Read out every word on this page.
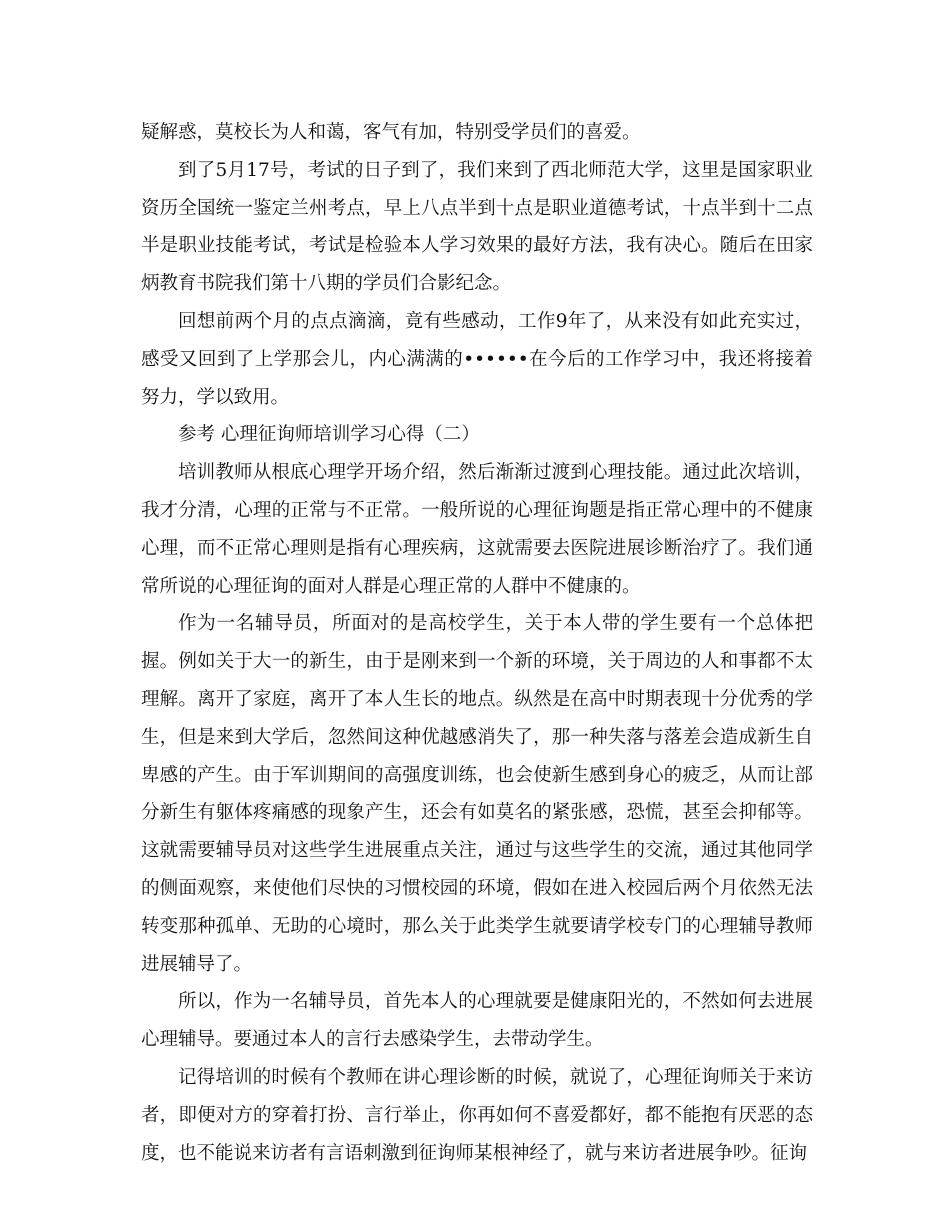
疑解惑，莫校长为人和蔼，客气有加，特别受学员们的喜爱。

到了5月17号，考试的日子到了，我们来到了西北师范大学，这里是国家职业资历全国统一鉴定兰州考点，早上八点半到十点是职业道德考试，十点半到十二点半是职业技能考试，考试是检验本人学习效果的最好方法，我有决心。随后在田家炳教育书院我们第十八期的学员们合影纪念。

回想前两个月的点点滴滴，竟有些感动，工作9年了，从来没有如此充实过，感受又回到了上学那会儿，内心满满的••••••在今后的工作学习中，我还将接着努力，学以致用。

参考 心理征询师培训学习心得（二）

培训教师从根底心理学开场介绍，然后渐渐过渡到心理技能。通过此次培训，我才分清，心理的正常与不正常。一般所说的心理征询题是指正常心理中的不健康心理，而不正常心理则是指有心理疾病，这就需要去医院进展诊断治疗了。我们通常所说的心理征询的面对人群是心理正常的人群中不健康的。

作为一名辅导员，所面对的是高校学生，关于本人带的学生要有一个总体把握。例如关于大一的新生，由于是刚来到一个新的环境，关于周边的人和事都不太理解。离开了家庭，离开了本人生长的地点。纵然是在高中时期表现十分优秀的学生，但是来到大学后，忽然间这种优越感消失了，那一种失落与落差会造成新生自卑感的产生。由于军训期间的高强度训练，也会使新生感到身心的疲乏，从而让部分新生有躯体疼痛感的现象产生，还会有如莫名的紧张感，恐慌，甚至会抑郁等。这就需要辅导员对这些学生进展重点关注，通过与这些学生的交流，通过其他同学的侧面观察，来使他们尽快的习惯校园的环境，假如在进入校园后两个月依然无法转变那种孤单、无助的心境时，那么关于此类学生就要请学校专门的心理辅导教师进展辅导了。

所以，作为一名辅导员，首先本人的心理就要是健康阳光的，不然如何去进展心理辅导。要通过本人的言行去感染学生，去带动学生。

记得培训的时候有个教师在讲心理诊断的时候，就说了，心理征询师关于来访者，即便对方的穿着打扮、言行举止，你再如何不喜爱都好，都不能抱有厌恶的态度，也不能说来访者有言语刺激到征询师某根神经了，就与来访者进展争吵。征询
